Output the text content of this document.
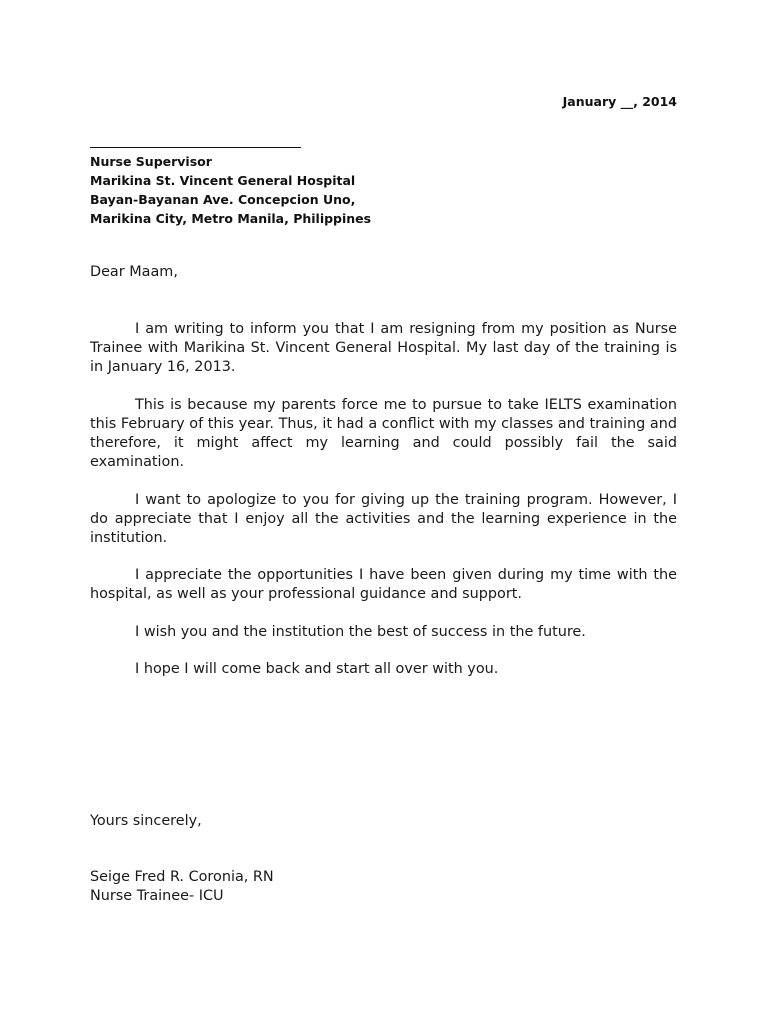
January __, 2014
Nurse Supervisor
Marikina St. Vincent General Hospital
Bayan-Bayanan Ave. Concepcion Uno,
Marikina City, Metro Manila, Philippines
Dear Maam,
I am writing to inform you that I am resigning from my position as Nurse Trainee with Marikina St. Vincent General Hospital. My last day of the training is in January 16, 2013.
This is because my parents force me to pursue to take IELTS examination this February of this year. Thus, it had a conflict with my classes and training and therefore, it might affect my learning and could possibly fail the said examination.
I want to apologize to you for giving up the training program. However, I do appreciate that I enjoy all the activities and the learning experience in the institution.
I appreciate the opportunities I have been given during my time with the hospital, as well as your professional guidance and support.
I wish you and the institution the best of success in the future.
I hope I will come back and start all over with you.
Yours sincerely,
Seige Fred R. Coronia, RN
Nurse Trainee- ICU
